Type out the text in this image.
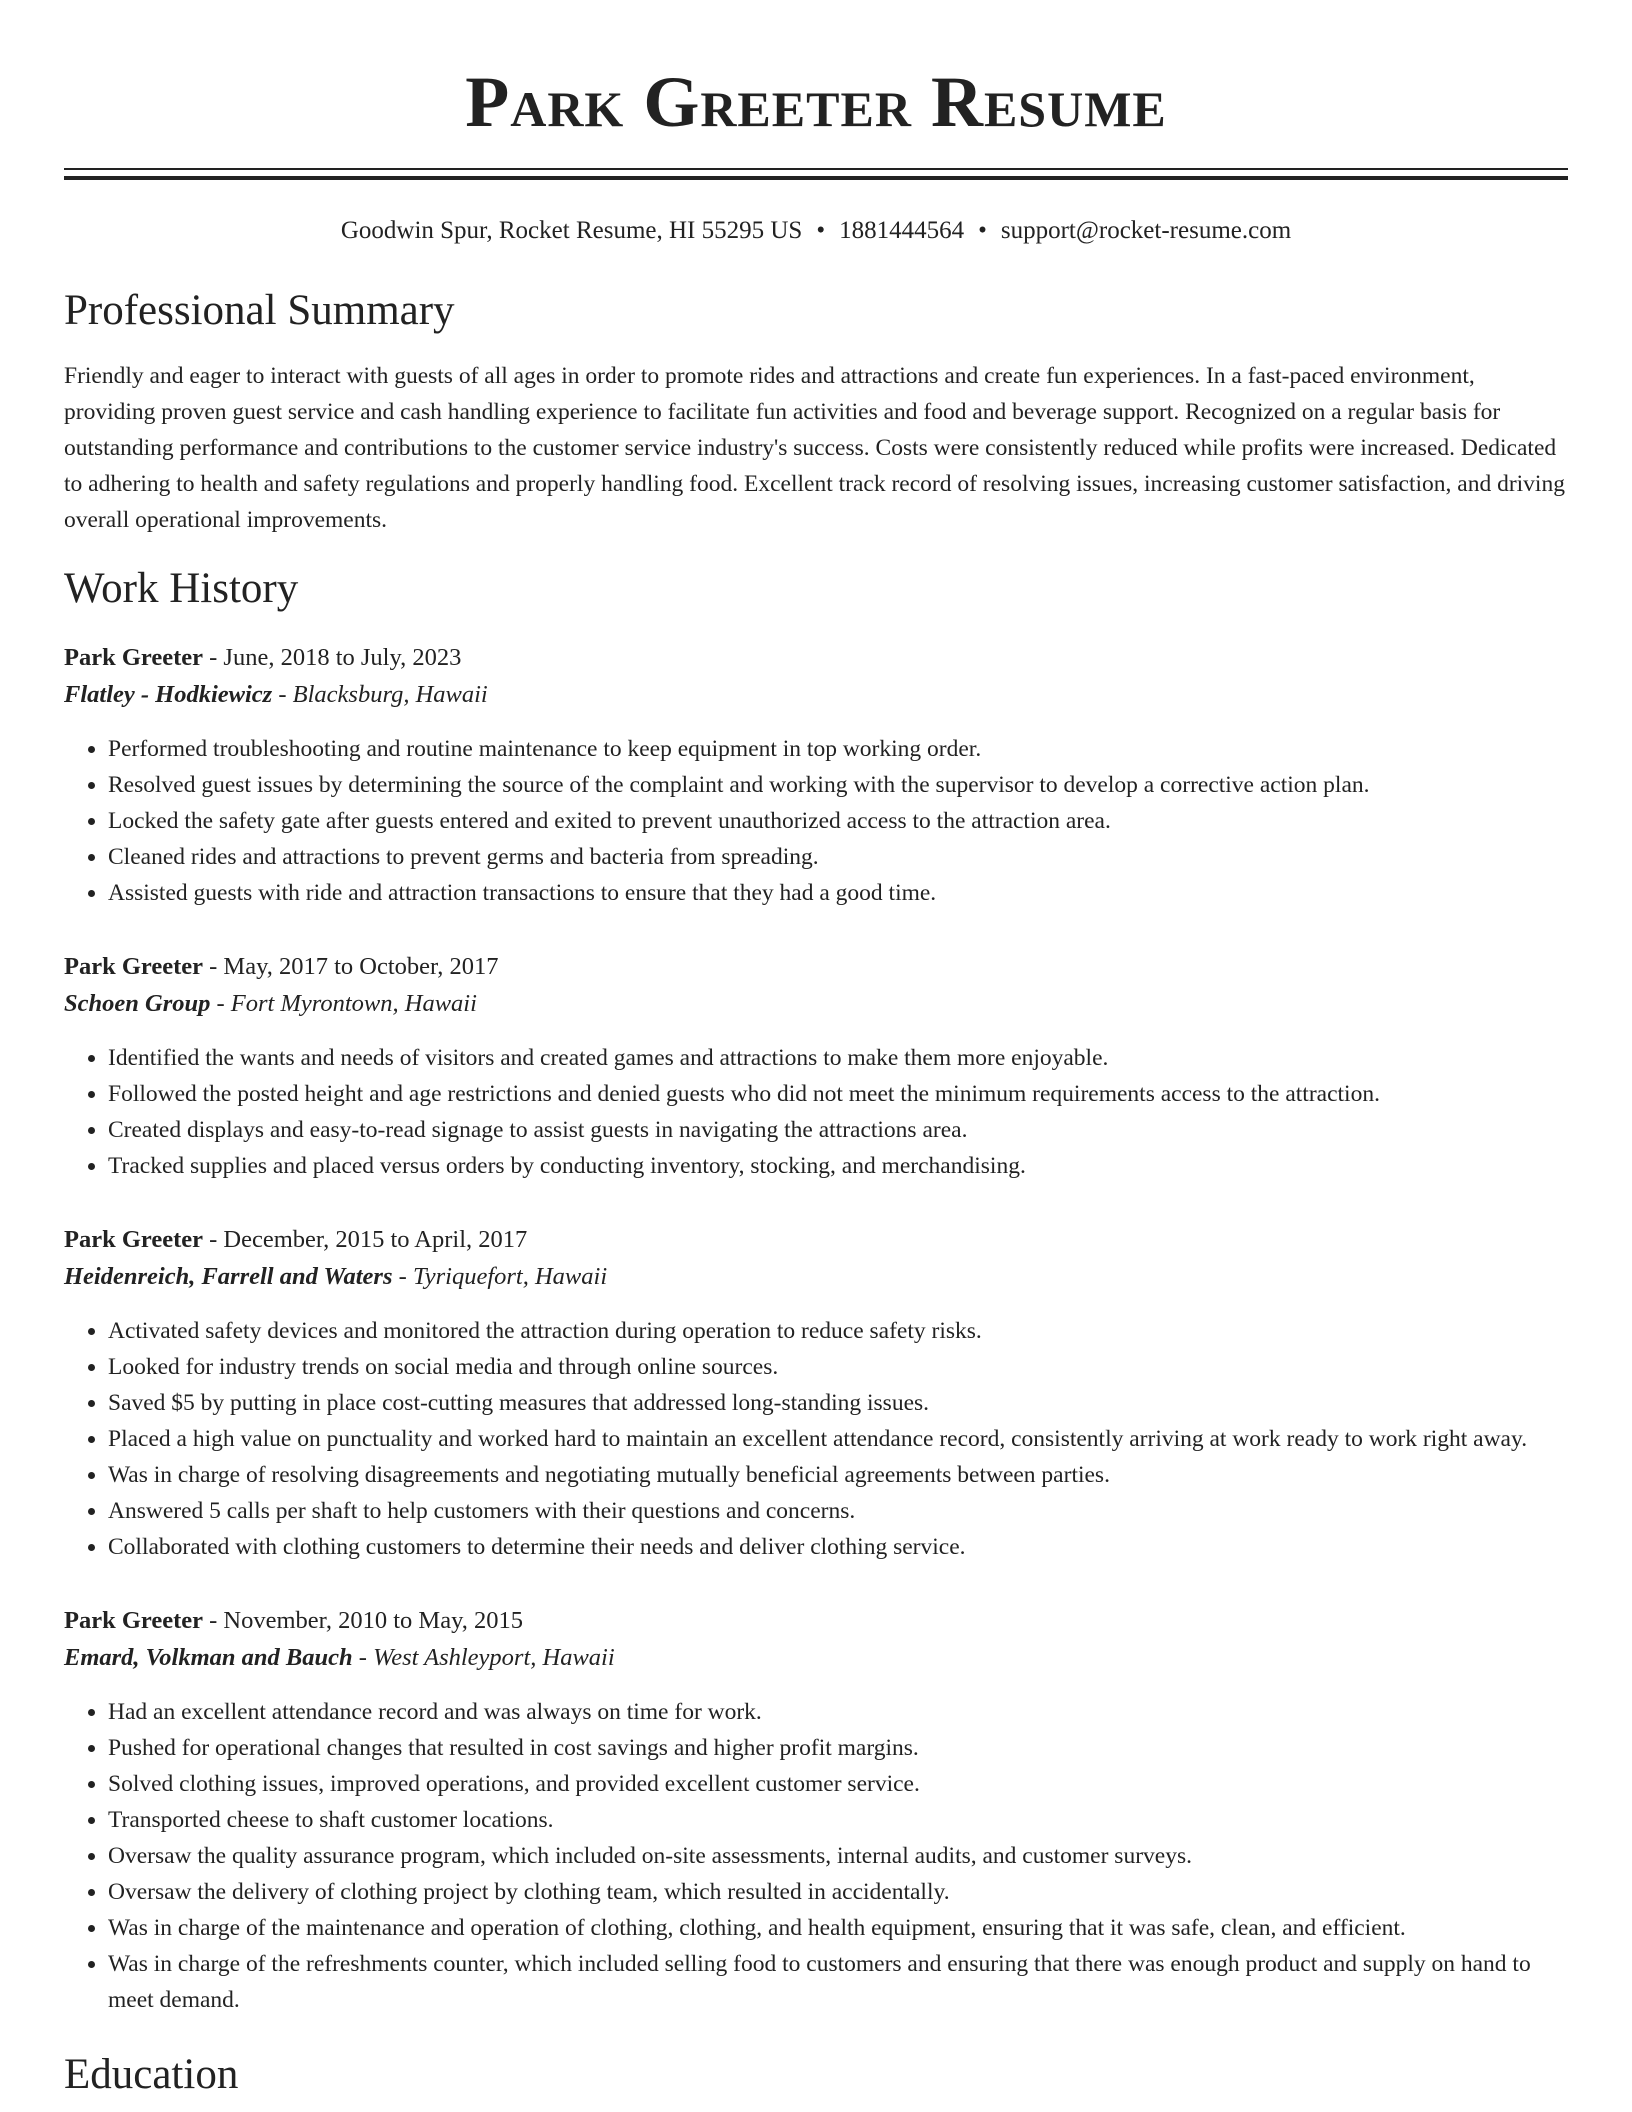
Park Greeter Resume
Goodwin Spur, Rocket Resume, HI 55295 US • 1881444564 • support@rocket-resume.com
Professional Summary

Friendly and eager to interact with guests of all ages in order to promote rides and attractions and create fun experiences. In a fast-paced environment, providing proven guest service and cash handling experience to facilitate fun activities and food and beverage support. Recognized on a regular basis for outstanding performance and contributions to the customer service industry's success. Costs were consistently reduced while profits were increased. Dedicated to adhering to health and safety regulations and properly handling food. Excellent track record of resolving issues, increasing customer satisfaction, and driving overall operational improvements.

Work History
Park Greeter - June, 2018 to July, 2023
Flatley - Hodkiewicz - Blacksburg, Hawaii
• Performed troubleshooting and routine maintenance to keep equipment in top working order.
• Resolved guest issues by determining the source of the complaint and working with the supervisor to develop a corrective action plan.
• Locked the safety gate after guests entered and exited to prevent unauthorized access to the attraction area.
• Cleaned rides and attractions to prevent germs and bacteria from spreading.
• Assisted guests with ride and attraction transactions to ensure that they had a good time.
Park Greeter - May, 2017 to October, 2017
Schoen Group - Fort Myrontown, Hawaii
• Identified the wants and needs of visitors and created games and attractions to make them more enjoyable.
• Followed the posted height and age restrictions and denied guests who did not meet the minimum requirements access to the attraction.
• Created displays and easy-to-read signage to assist guests in navigating the attractions area.
• Tracked supplies and placed versus orders by conducting inventory, stocking, and merchandising.
Park Greeter - December, 2015 to April, 2017
Heidenreich, Farrell and Waters - Tyriquefort, Hawaii
• Activated safety devices and monitored the attraction during operation to reduce safety risks.
• Looked for industry trends on social media and through online sources.
• Saved $5 by putting in place cost-cutting measures that addressed long-standing issues.
• Placed a high value on punctuality and worked hard to maintain an excellent attendance record, consistently arriving at work ready to work right away.
• Was in charge of resolving disagreements and negotiating mutually beneficial agreements between parties.
• Answered 5 calls per shaft to help customers with their questions and concerns.
• Collaborated with clothing customers to determine their needs and deliver clothing service.
Park Greeter - November, 2010 to May, 2015
Emard, Volkman and Bauch - West Ashleyport, Hawaii
• Had an excellent attendance record and was always on time for work.
• Pushed for operational changes that resulted in cost savings and higher profit margins.
• Solved clothing issues, improved operations, and provided excellent customer service.
• Transported cheese to shaft customer locations.
• Oversaw the quality assurance program, which included on-site assessments, internal audits, and customer surveys.
• Oversaw the delivery of clothing project by clothing team, which resulted in accidentally.
• Was in charge of the maintenance and operation of clothing, clothing, and health equipment, ensuring that it was safe, clean, and efficient.
• Was in charge of the refreshments counter, which included selling food to customers and ensuring that there was enough product and supply on hand to meet demand.
Education
